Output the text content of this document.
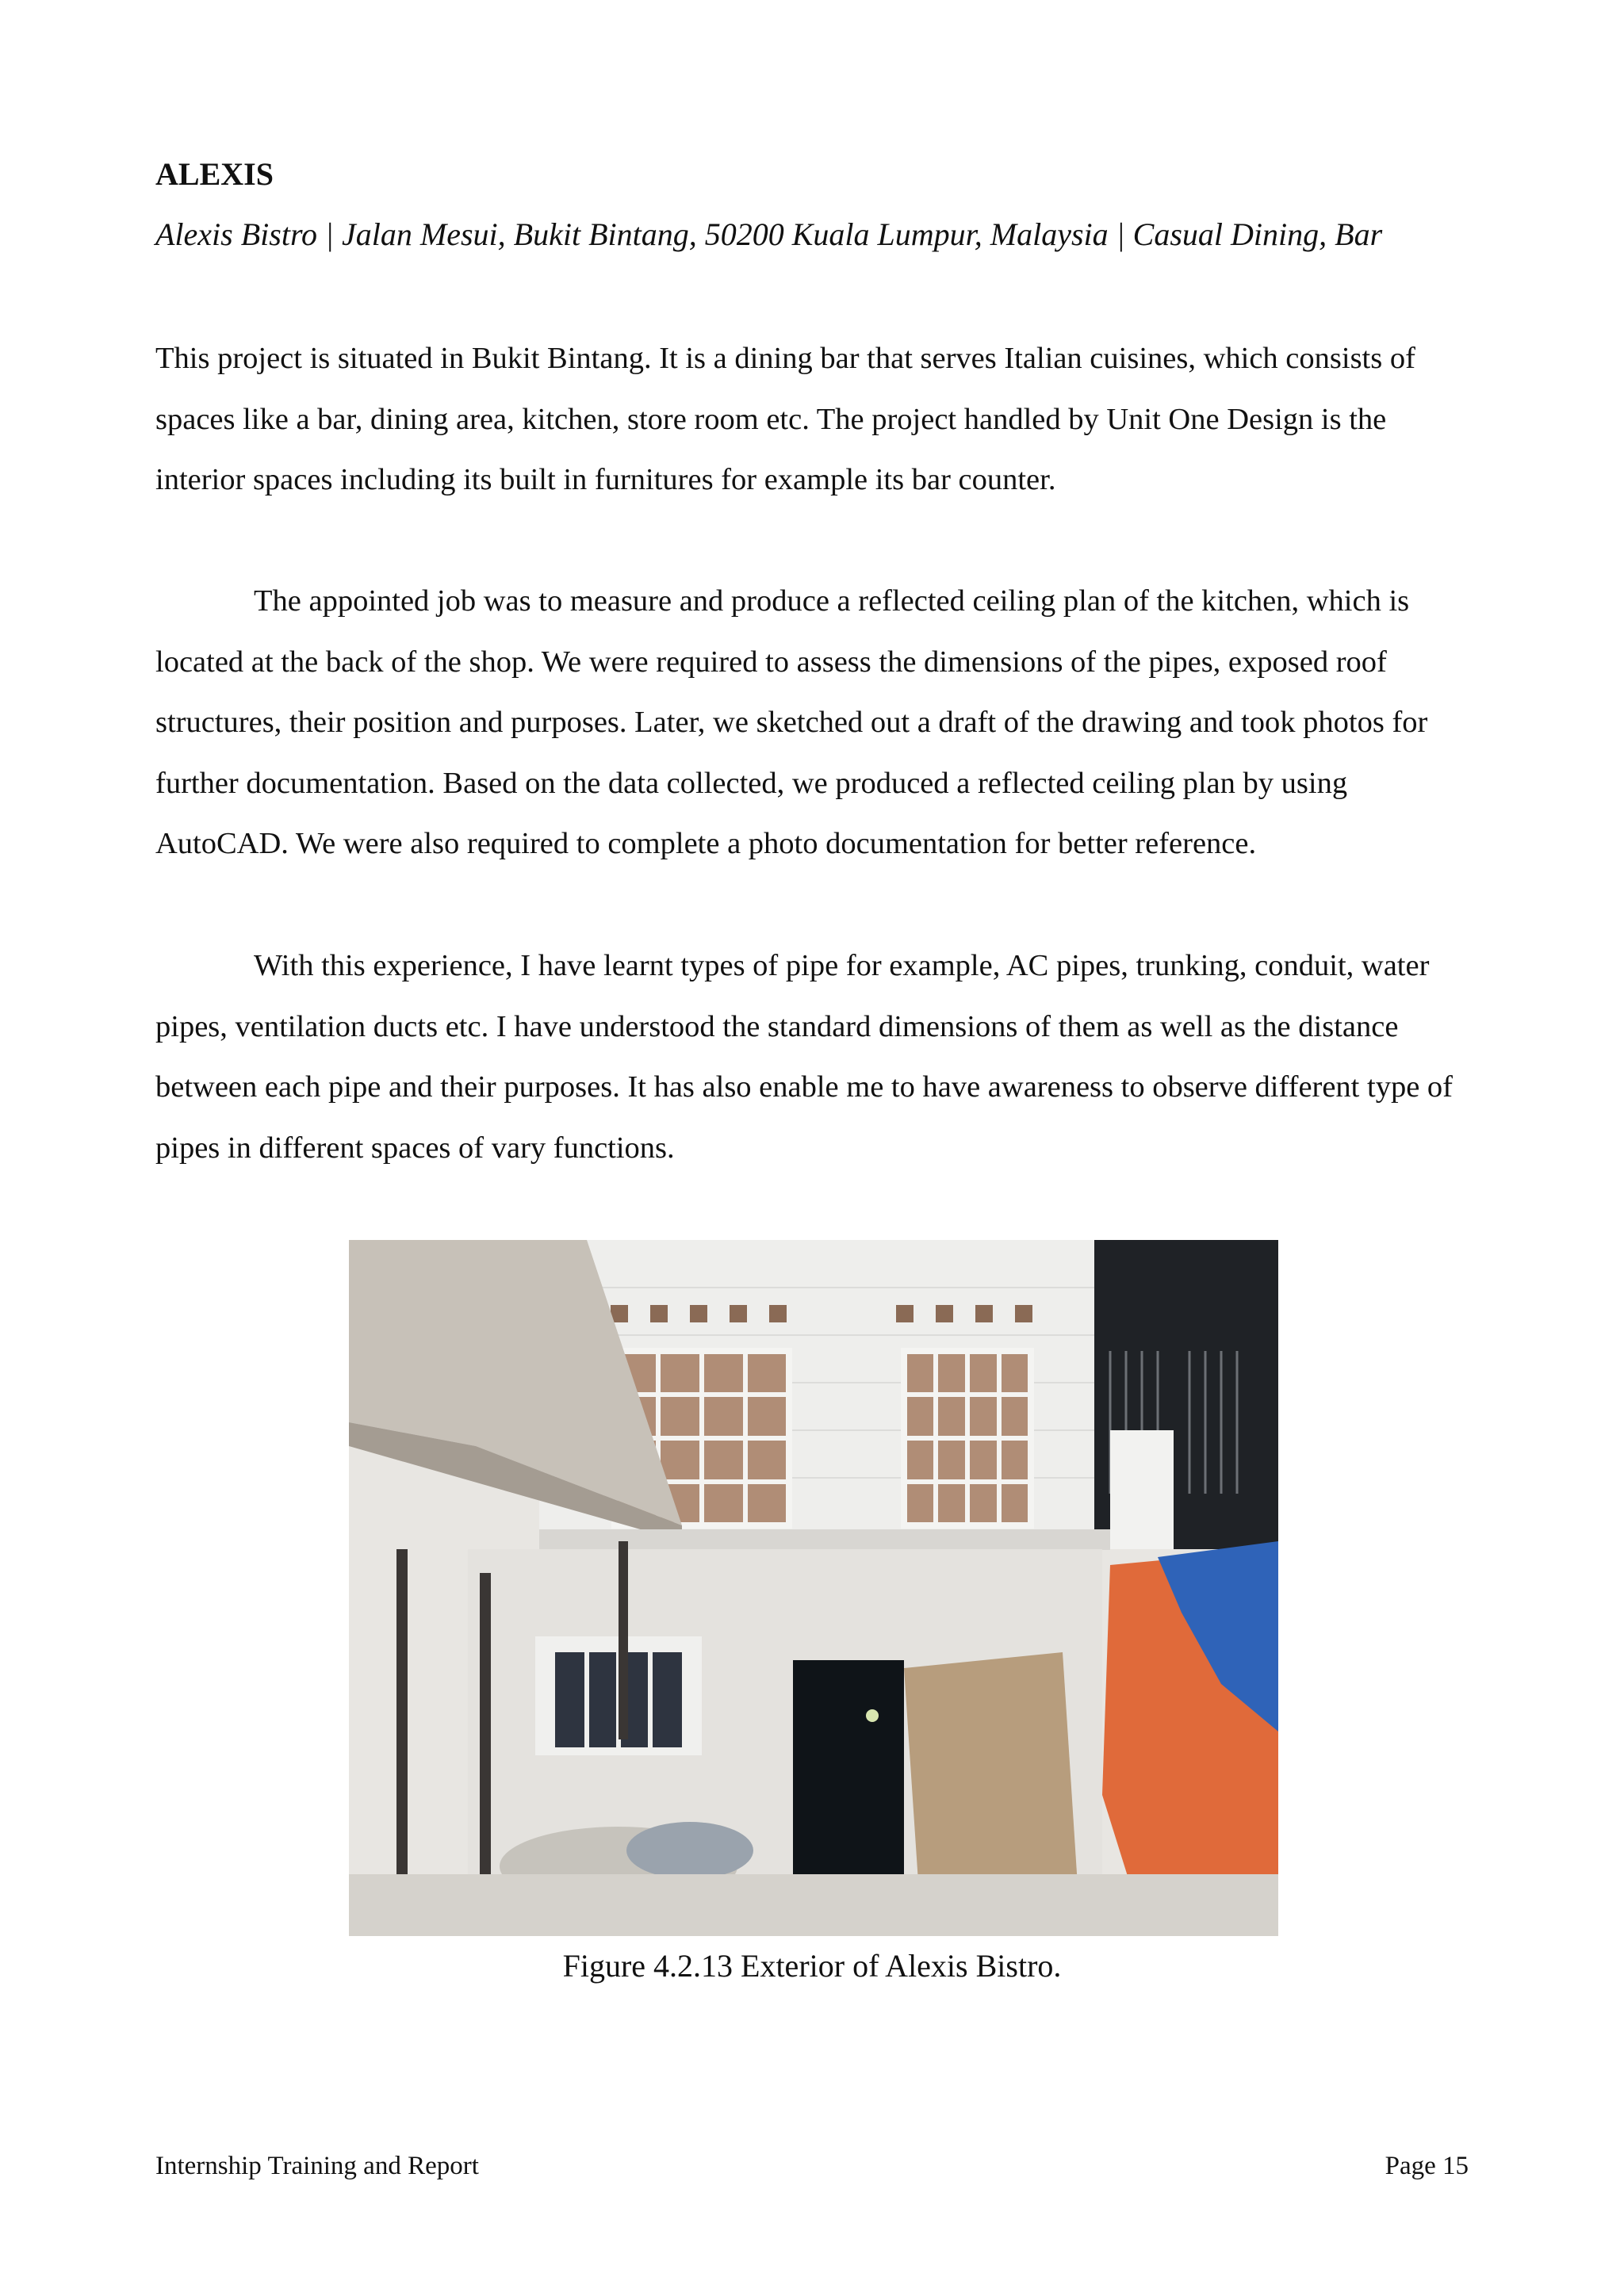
ALEXIS

Alexis Bistro | Jalan Mesui, Bukit Bintang, 50200 Kuala Lumpur, Malaysia | Casual Dining, Bar

This project is situated in Bukit Bintang. It is a dining bar that serves Italian cuisines, which consists of spaces like a bar, dining area, kitchen, store room etc. The project handled by Unit One Design is the interior spaces including its built in furnitures for example its bar counter.

The appointed job was to measure and produce a reflected ceiling plan of the kitchen, which is located at the back of the shop. We were required to assess the dimensions of the pipes, exposed roof structures, their position and purposes. Later, we sketched out a draft of the drawing and took photos for further documentation. Based on the data collected, we produced a reflected ceiling plan by using AutoCAD. We were also required to complete a photo documentation for better reference.

With this experience, I have learnt types of pipe for example, AC pipes, trunking, conduit, water pipes, ventilation ducts etc. I have understood the standard dimensions of them as well as the distance between each pipe and their purposes. It has also enable me to have awareness to observe different type of pipes in different spaces of vary functions.

Figure 4.2.13 Exterior of Alexis Bistro.

Internship Training and Report	Page 15
